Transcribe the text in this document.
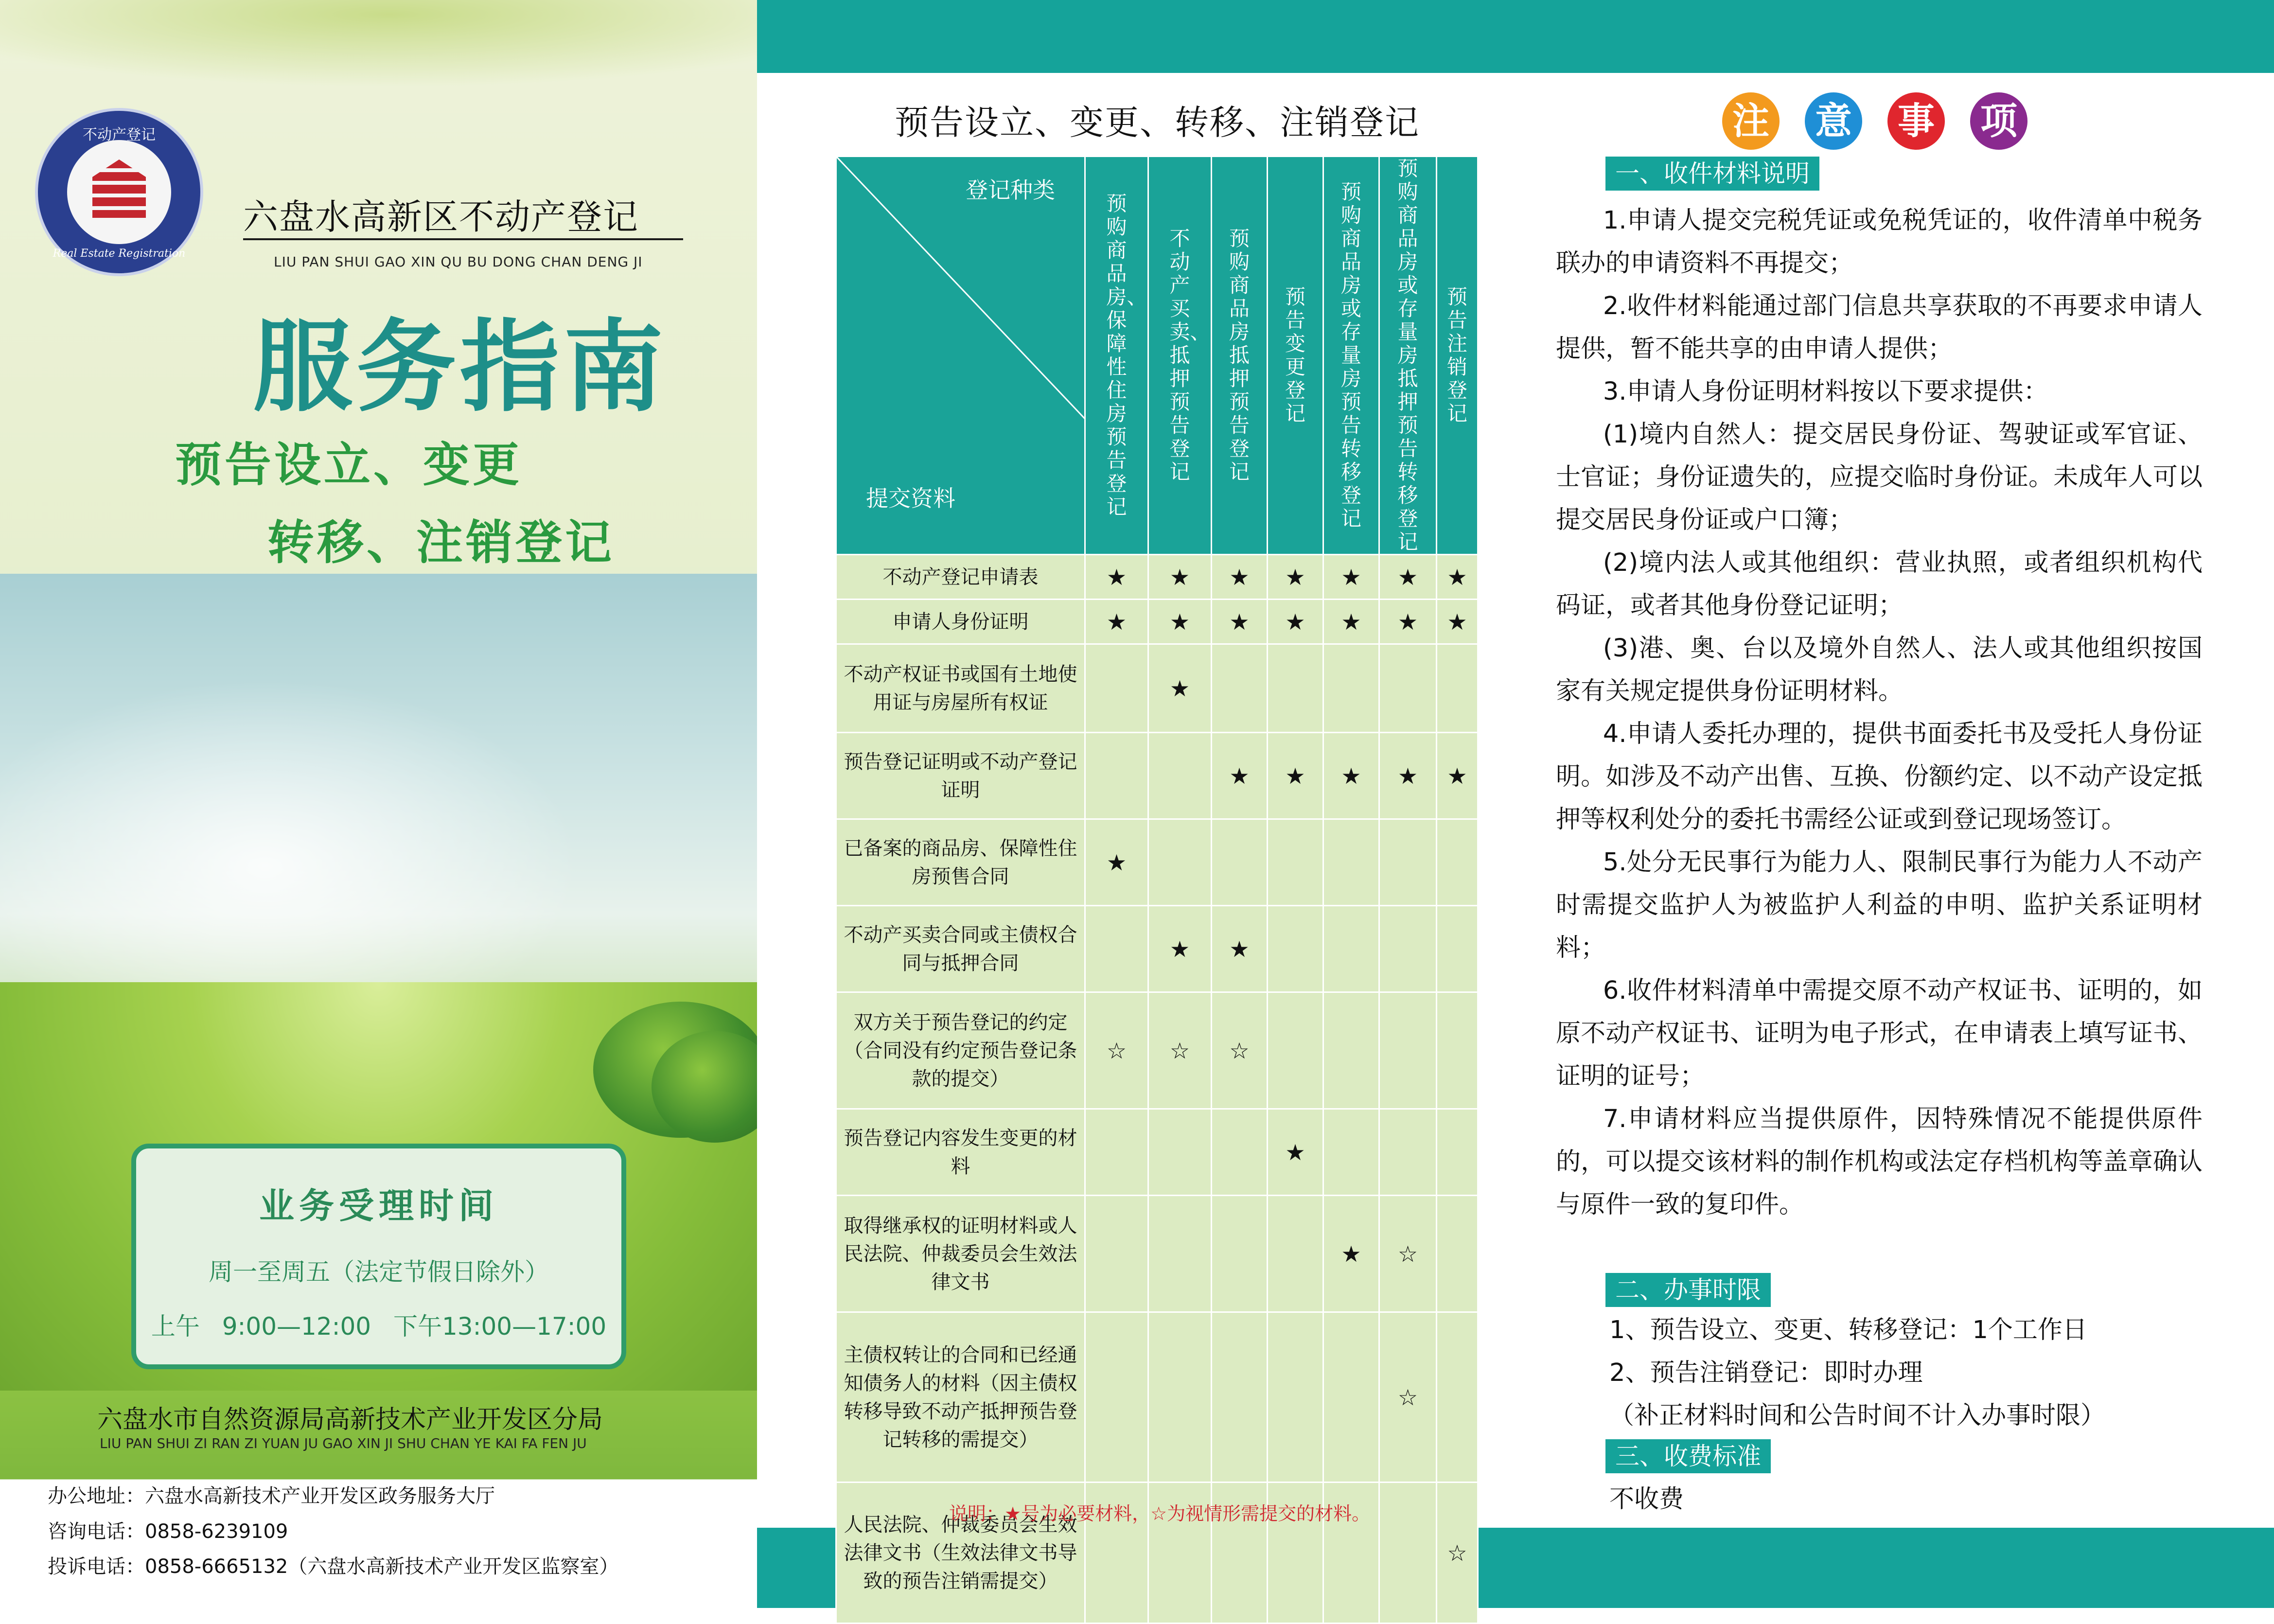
不动产登记
Real Estate Registration
六盘水高新区不动产登记
LIU PAN SHUI GAO XIN QU BU DONG CHAN DENG JI
服务指南
预告设立、变更
转移、注销登记
业务受理时间
周一至周五（法定节假日除外）
上午 9:00—12:00 下午13:00—17:00
六盘水市自然资源局高新技术产业开发区分局
LIU PAN SHUI ZI RAN ZI YUAN JU GAO XIN JI SHU CHAN YE KAI FA FEN JU
办公地址：六盘水高新技术产业开发区政务服务大厅
咨询电话：0858-6239109
投诉电话：0858-6665132（六盘水高新技术产业开发区监察室）
预告设立、变更、转移、注销登记
登记种类
提交资料	预购商品房、保障性住房预告登记	不动产买卖、抵押预告登记	预购商品房抵押预告登记	预告变更登记	预购商品房或存量房预告转移登记	预购商品房或存量房抵押预告转移登记	预告注销登记
不动产登记申请表	★	★	★	★	★	★	★
申请人身份证明	★	★	★	★	★	★	★
不动产权证书或国有土地使用证与房屋所有权证		★					
预告登记证明或不动产登记证明			★	★	★	★	★
已备案的商品房、保障性住房预售合同	★						
不动产买卖合同或主债权合同与抵押合同		★	★				
双方关于预告登记的约定（合同没有约定预告登记条款的提交）	☆	☆	☆				
预告登记内容发生变更的材料				★			
取得继承权的证明材料或人民法院、仲裁委员会生效法律文书					★	☆	
主债权转让的合同和已经通知债务人的材料（因主债权转移导致不动产抵押预告登记转移的需提交）						☆	
人民法院、仲裁委员会生效法律文书（生效法律文书导致的预告注销需提交）							☆
说明：★号为必要材料，☆为视情形需提交的材料。
注 意 事 项
一、收件材料说明

1.申请人提交完税凭证或免税凭证的，收件清单中税务联办的申请资料不再提交；

2.收件材料能通过部门信息共享获取的不再要求申请人提供，暂不能共享的由申请人提供；

3.申请人身份证明材料按以下要求提供：

(1)境内自然人：提交居民身份证、驾驶证或军官证、士官证；身份证遗失的，应提交临时身份证。未成年人可以提交居民身份证或户口簿；

(2)境内法人或其他组织：营业执照，或者组织机构代码证，或者其他身份登记证明；

(3)港、奥、台以及境外自然人、法人或其他组织按国家有关规定提供身份证明材料。

4.申请人委托办理的，提供书面委托书及受托人身份证明。如涉及不动产出售、互换、份额约定、以不动产设定抵押等权利处分的委托书需经公证或到登记现场签订。

5.处分无民事行为能力人、限制民事行为能力人不动产时需提交监护人为被监护人利益的申明、监护关系证明材料；

6.收件材料清单中需提交原不动产权证书、证明的，如原不动产权证书、证明为电子形式，在申请表上填写证书、证明的证号；

7.申请材料应当提供原件，因特殊情况不能提供原件的，可以提交该材料的制作机构或法定存档机构等盖章确认与原件一致的复印件。

二、办事时限

1、预告设立、变更、转移登记：1个工作日

2、预告注销登记：即时办理

（补正材料时间和公告时间不计入办事时限）

三、收费标准

不收费
